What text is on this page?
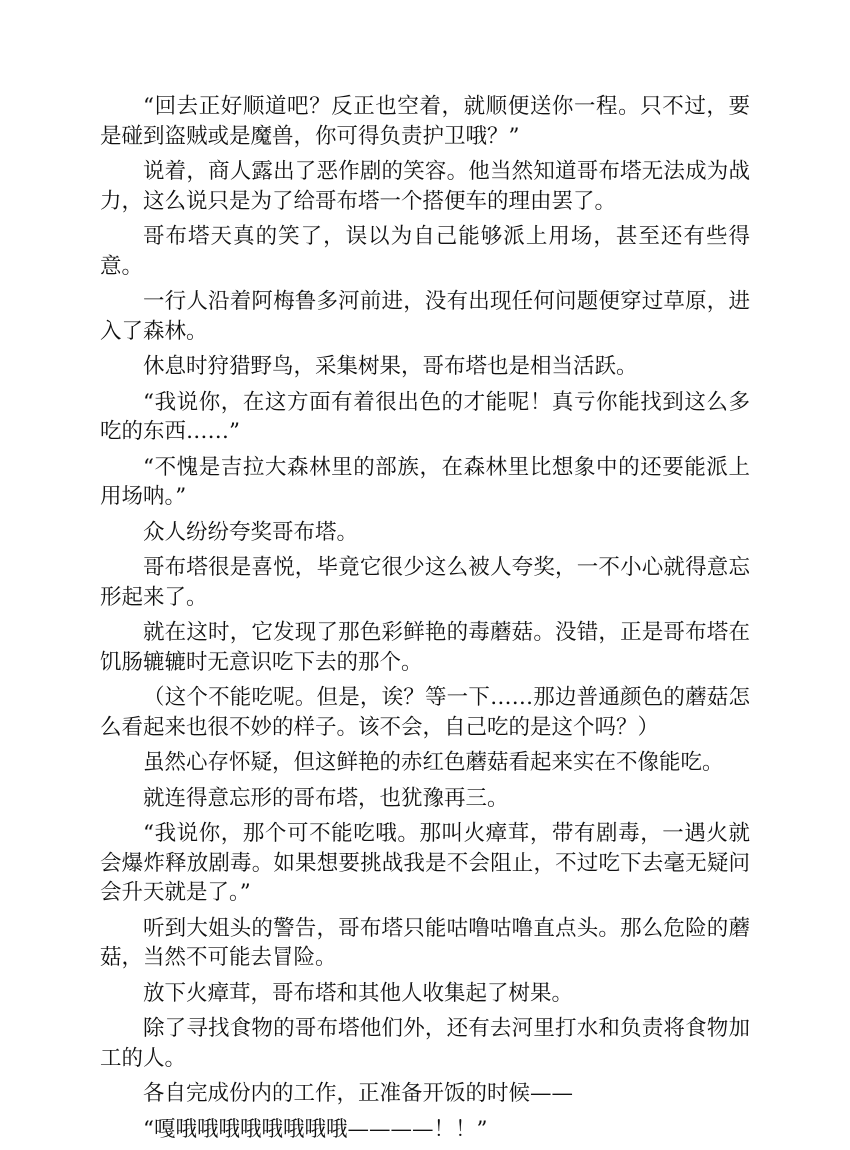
“回去正好顺道吧？反正也空着，就顺便送你一程。只不过，要是碰到盗贼或是魔兽，你可得负责护卫哦？”

说着，商人露出了恶作剧的笑容。他当然知道哥布塔无法成为战力，这么说只是为了给哥布塔一个搭便车的理由罢了。

哥布塔天真的笑了，误以为自己能够派上用场，甚至还有些得意。

一行人沿着阿梅鲁多河前进，没有出现任何问题便穿过草原，进入了森林。

休息时狩猎野鸟，采集树果，哥布塔也是相当活跃。

“我说你，在这方面有着很出色的才能呢！真亏你能找到这么多吃的东西……”

“不愧是吉拉大森林里的部族，在森林里比想象中的还要能派上用场呐。”

众人纷纷夸奖哥布塔。

哥布塔很是喜悦，毕竟它很少这么被人夸奖，一不小心就得意忘形起来了。

就在这时，它发现了那色彩鲜艳的毒蘑菇。没错，正是哥布塔在饥肠辘辘时无意识吃下去的那个。

（这个不能吃呢。但是，诶？等一下……那边普通颜色的蘑菇怎么看起来也很不妙的样子。该不会，自己吃的是这个吗？）

虽然心存怀疑，但这鲜艳的赤红色蘑菇看起来实在不像能吃。

就连得意忘形的哥布塔，也犹豫再三。

“我说你，那个可不能吃哦。那叫火瘴茸，带有剧毒，一遇火就会爆炸释放剧毒。如果想要挑战我是不会阻止，不过吃下去毫无疑问会升天就是了。”

听到大姐头的警告，哥布塔只能咕噜咕噜直点头。那么危险的蘑菇，当然不可能去冒险。

放下火瘴茸，哥布塔和其他人收集起了树果。

除了寻找食物的哥布塔他们外，还有去河里打水和负责将食物加工的人。

各自完成份内的工作，正准备开饭的时候——

“嘎哦哦哦哦哦哦哦哦————！！”
